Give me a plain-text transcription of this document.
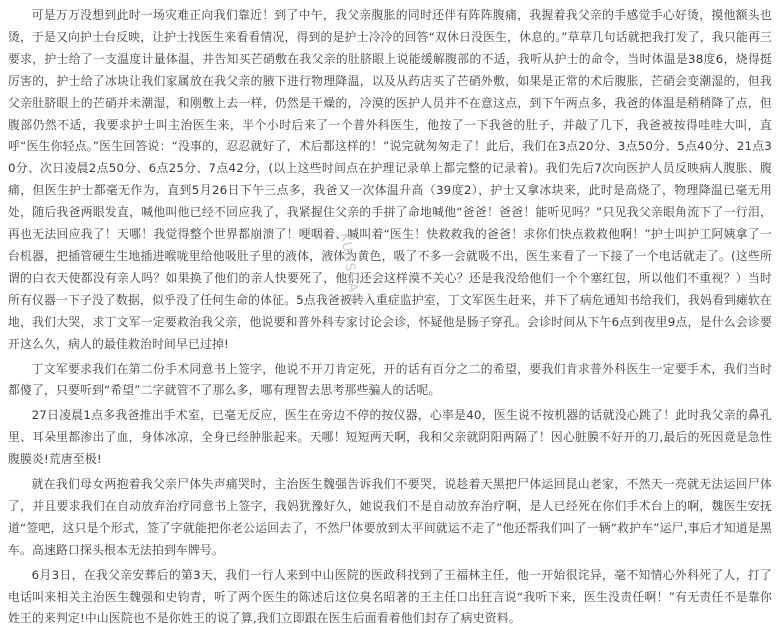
可是万万没想到此时一场灾难正向我们靠近！到了中午，我父亲腹胀的同时还伴有阵阵腹痛，我握着我父亲的手感觉手心好烫，摸他额头也烫，于是又向护士台反映，让护士找医生来看看情况，得到的是护士冷冷的回答“双休日没医生，休息的。”草草几句话就把我打发了，我只能再三要求，护士给了一支温度计量体温，并告知买芒硝敷在我父亲的肚脐眼上说能缓解腹部的不适，我听从护士的命令，当时体温是38度6，烧得挺厉害的，护士给了冰块让我们家属放在我父亲的腋下进行物理降温，以及从药店买了芒硝外敷，如果是正常的术后腹胀，芒硝会变潮湿的，但我父亲肚脐眼上的芒硝并未潮湿，和刚敷上去一样，仍然是干燥的，冷漠的医护人员并不在意这点，到下午两点多，我爸的体温是稍稍降了点，但腹部仍然不适，我要求护士叫主治医生来，半个小时后来了一个普外科医生，他按了一下我爸的肚子，并敲了几下，我爸被按得哇哇大叫，直呼“医生你轻点。”医生回答说：“没事的，忍忍就好了，术后都这样的！”说完就匆匆走了！此后，我们在3点20分、3点50分、5点40分、21点30分、次日凌晨2点50分、6点25分、7点42分，(以上这些时间点在护理记录单上都完整的记录着)。我们先后7次向医护人员反映病人腹胀、腹痛，但医生护士都毫无作为，直到5月26日下午三点多，我爸又一次体温升高（39度2），护士又拿冰块来，此时是高烧了，物理降温已毫无用处，随后我爸两眼发直，喊他叫他已经不回应我了，我紧握住父亲的手拼了命地喊他“爸爸！爸爸！能听见吗？”只见我父亲眼角流下了一行泪，再也无法回应我了！天哪！我觉得整个世界都崩溃了！哽咽着、喊叫着“医生！快救救我的爸爸！求你们快点救救他啊！”护士叫护工阿姨拿了一台机器，把插管硬生生地插进喉咙里给他吸肚子里的液体，液体为黄色，吸了不多一会就吸不出，医生来看了一下接了一个电话就走了。(这些所谓的白衣天使都没有亲人吗？如果换了他们的亲人快要死了，他们还会这样漠不关心？还是我没给他们一个个塞红包，所以他们不重视？）当时所有仪器一下子没了数据，似乎没了任何生命的体征。5点我爸被转入重症监护室，丁文军医生赶来，并下了病危通知书给我们，我妈看到瘫软在地，我们大哭，求丁文军一定要救治我父亲，他说要和普外科专家讨论会诊，怀疑他是肠子穿孔。会诊时间从下午6点到夜里9点，是什么会诊要开这么久，病人的最佳救治时间早已过掉!

丁文军要求我们在第二份手术同意书上签字，他说不开刀肯定死，开的话有百分之二的希望，要我们肯求普外科医生一定要手术，我们当时都傻了，只要听到“希望”二字就管不了那么多，哪有理智去思考那些骗人的话呢。

27日凌晨1点多我爸推出手术室，已毫无反应，医生在旁边不停的按仪器，心率是40，医生说不按机器的话就没心跳了！此时我父亲的鼻孔里、耳朵里都渗出了血，身体冰凉，全身已经肿胀起来。天哪！短短两天啊，我和父亲就阴阳两隔了！因心脏膜不好开的刀,最后的死因竟是急性腹膜炎!荒唐至极!

就在我们母女两抱着我父亲尸体失声痛哭时，主治医生魏强告诉我们不要哭，说趁着天黑把尸体运回昆山老家，不然天一亮就无法运回尸体了，并且要求我们在自动放弃治疗同意书上签字，我妈犹豫好久，她说我们不是自动放弃治疗啊，是人已经死在你们手术台上的啊，魏医生安抚道“签吧，这只是个形式，签了字就能把你老公运回去了，不然尸体要放到太平间就运不走了”他还帮我们叫了一辆“救护车”运尸,事后才知道是黑车。高速路口探头根本无法拍到车牌号。

6月3日，在我父亲安葬后的第3天，我们一行人来到中山医院的医政科找到了王福林主任，他一开始很诧异，毫不知情心外科死了人，打了电话叫来相关主治医生魏强和史钧青，听了两个医生的陈述后这位臭名昭著的王主任口出狂言说“我听下来，医生没责任啊！”有无责任不是靠你姓王的来判定!中山医院也不是你姓王的说了算,我们立即跟在医生后面看着他们封存了病史资料。

KUNSHAN
